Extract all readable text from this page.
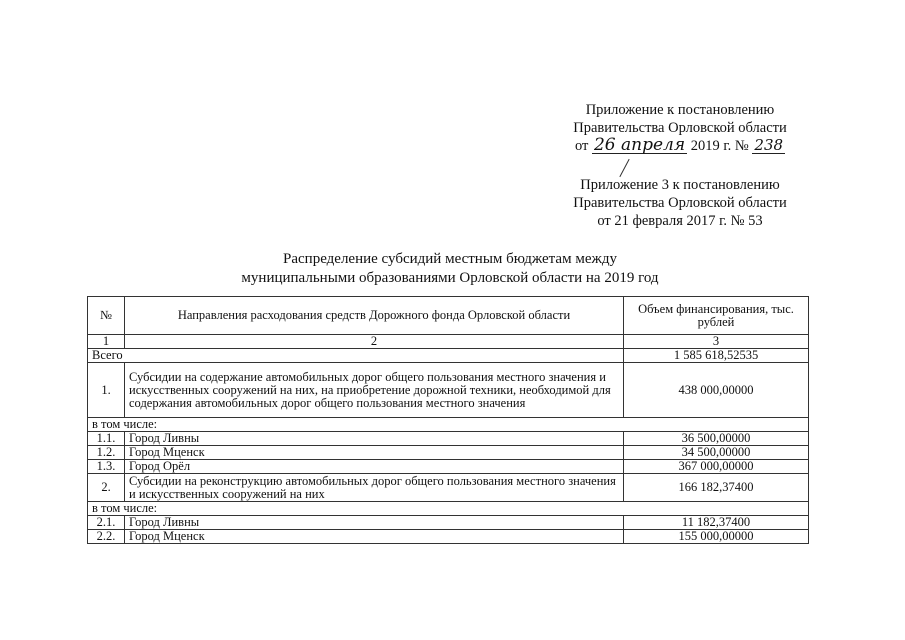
Приложение к постановлению
Правительства Орловской области
от 26 апреля 2019 г. № 238
Приложение 3 к постановлению
Правительства Орловской области
от 21 февраля 2017 г. № 53
Распределение субсидий местным бюджетам между
муниципальными образованиями Орловской области на 2019 год
№	Направления расходования средств Дорожного фонда Орловской области	Объем финансирования, тыс. рублей
1	2	3
Всего		1 585 618,52535
1.	Субсидии на содержание автомобильных дорог общего пользования местного значения и искусственных сооружений на них, на приобретение дорожной техники, необходимой для содержания автомобильных дорог общего пользования местного значения	438 000,00000
в том числе:		
1.1.	Город Ливны	36 500,00000
1.2.	Город Мценск	34 500,00000
1.3.	Город Орёл	367 000,00000
2.	Субсидии на реконструкцию автомобильных дорог общего пользования местного значения и искусственных сооружений на них	166 182,37400
в том числе:		
2.1.	Город Ливны	11 182,37400
2.2.	Город Мценск	155 000,00000
